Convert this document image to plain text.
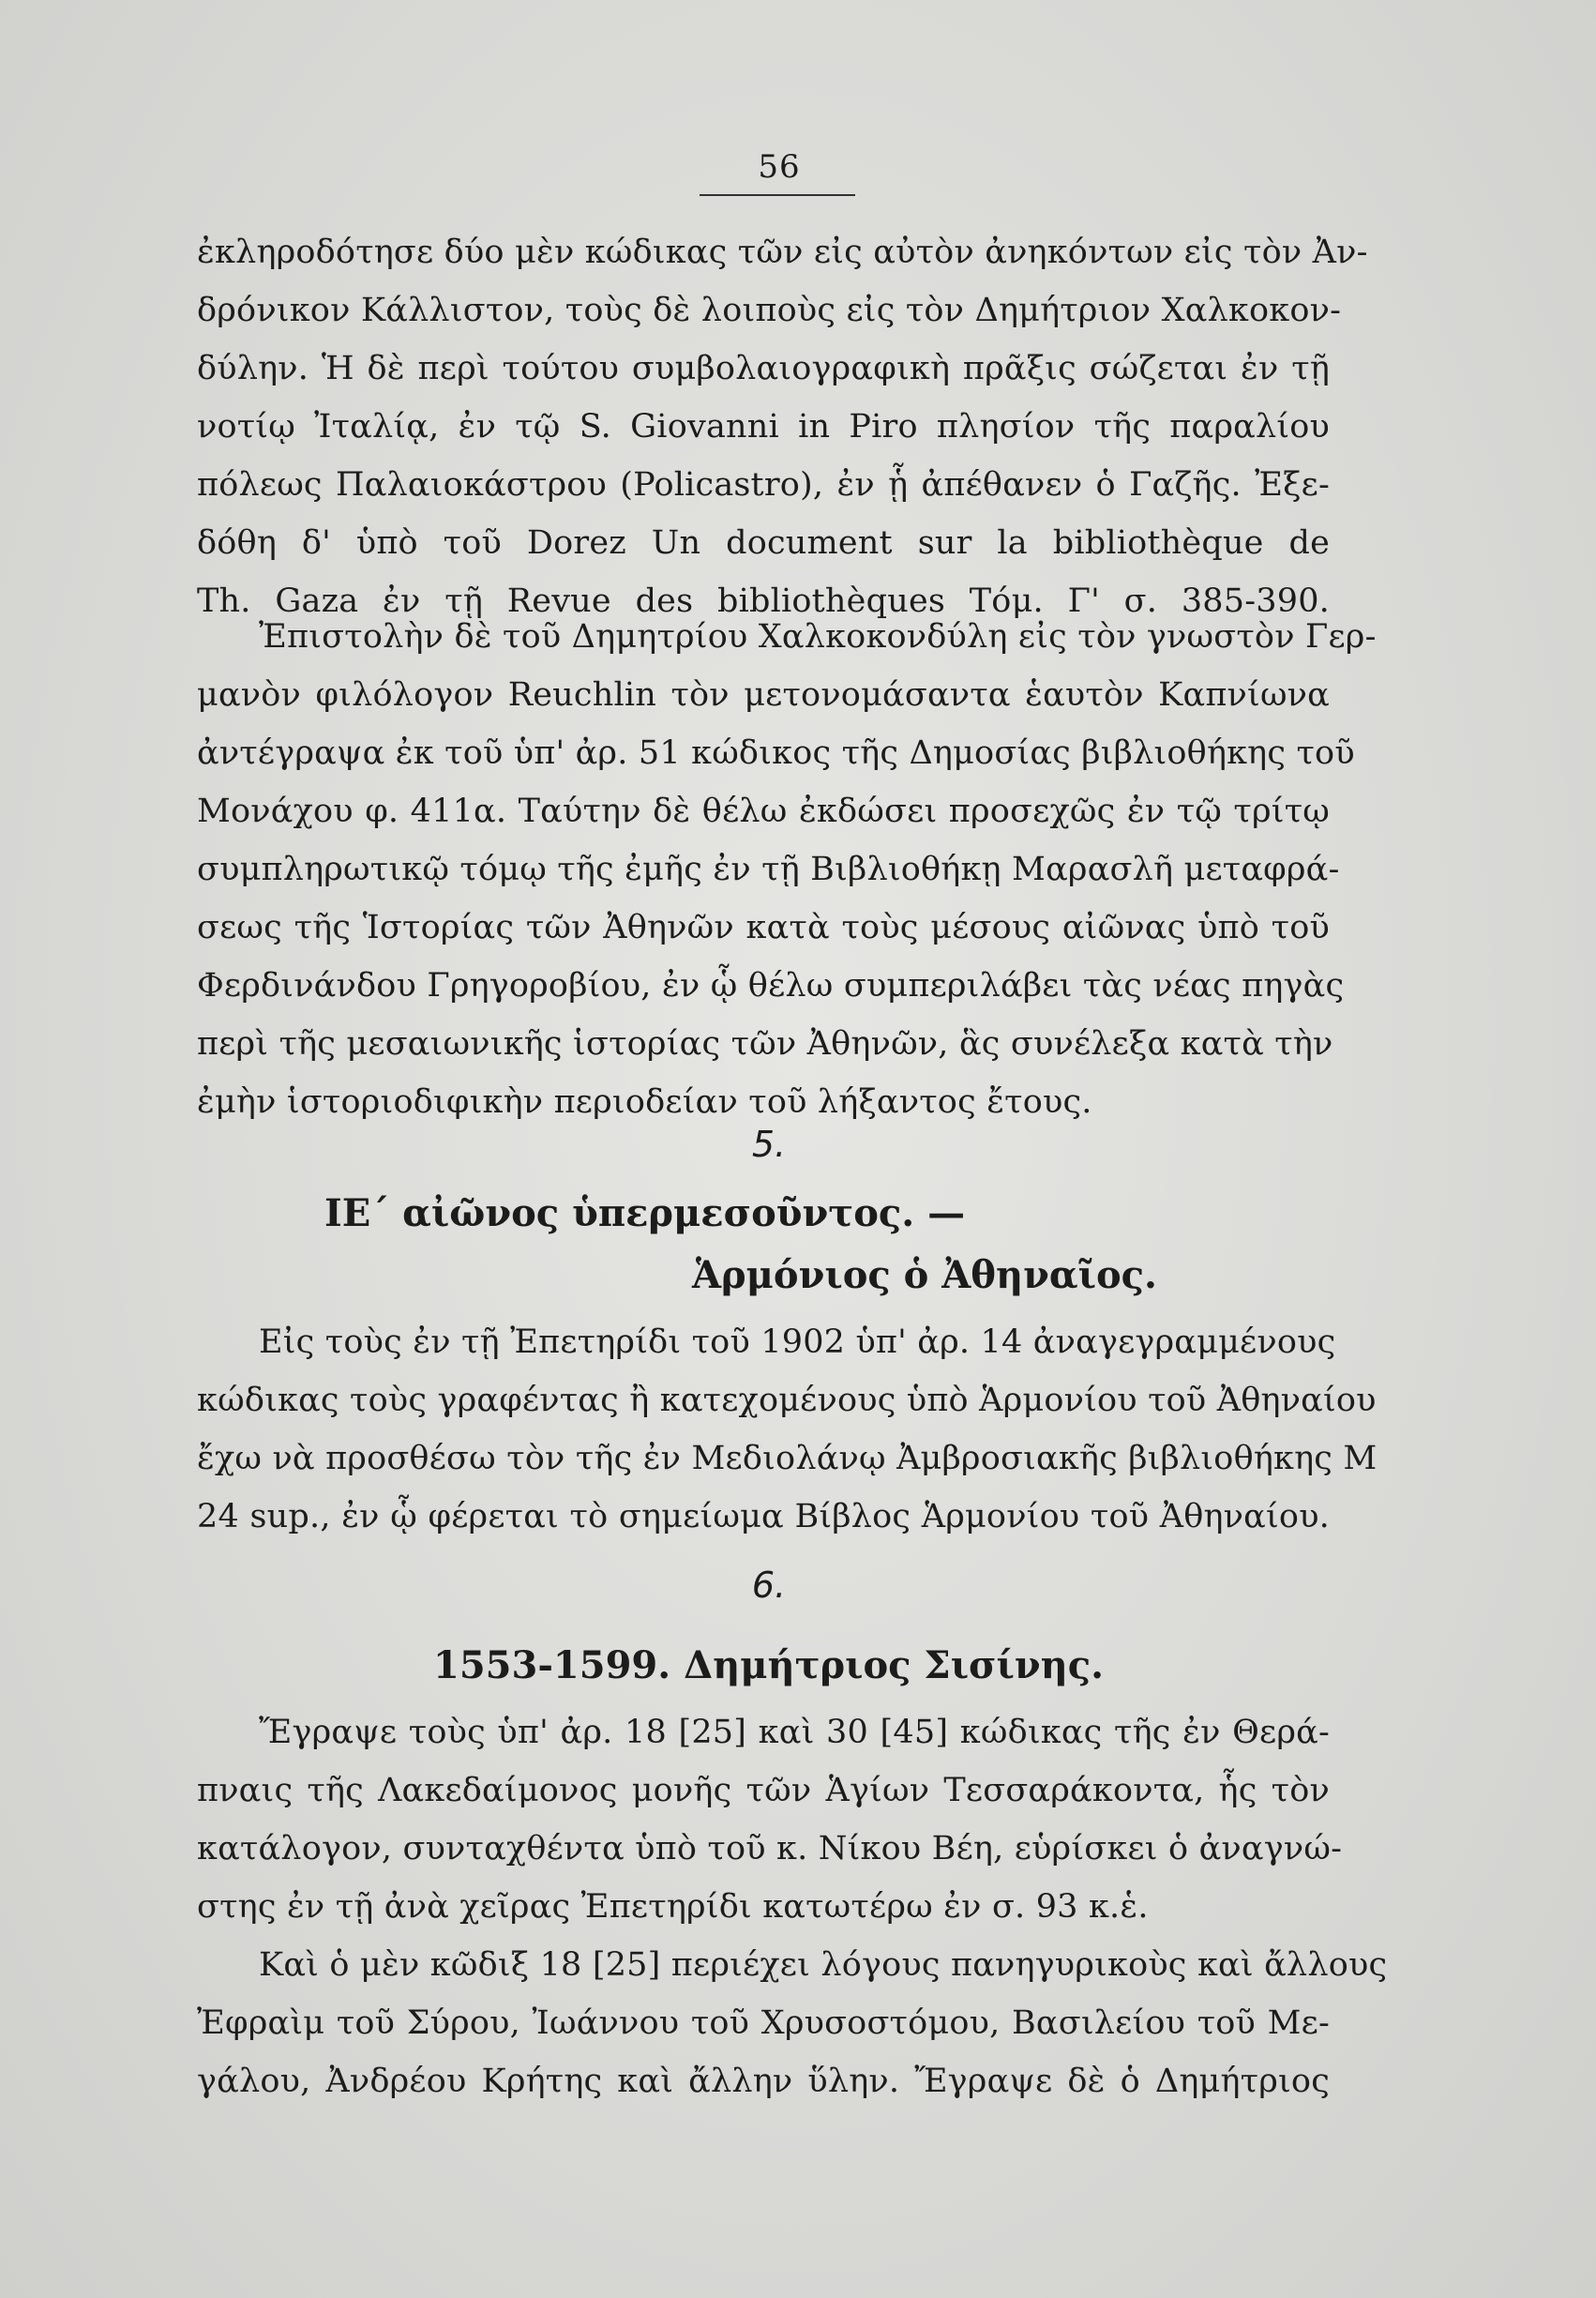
56
ἐκληροδότησε δύο μὲν κώδικας τῶν εἰς αὐτὸν ἀνηκόντων εἰς τὸν Ἀν-
δρόνικον Κάλλιστον, τοὺς δὲ λοιποὺς εἰς τὸν Δημήτριον Χαλκοκον-
δύλην. Ἡ δὲ περὶ τούτου συμβολαιογραφικὴ πρᾶξις σώζεται ἐν τῇ
νοτίῳ Ἰταλίᾳ, ἐν τῷ S. Giovanni in Piro πλησίον τῆς παραλίου
πόλεως Παλαιοκάστρου (Policastro), ἐν ᾗ ἀπέθανεν ὁ Γαζῆς. Ἐξε-
δόθη δ' ὑπὸ τοῦ Dorez Un document sur la bibliothèque de
Th. Gaza ἐν τῇ Revue des bibliothèques Τόμ. Γ' σ. 385-390.
Ἐπιστολὴν δὲ τοῦ Δημητρίου Χαλκοκονδύλη εἰς τὸν γνωστὸν Γερ-
μανὸν φιλόλογον Reuchlin τὸν μετονομάσαντα ἑαυτὸν Καπνίωνα
ἀντέγραψα ἐκ τοῦ ὑπ' ἀρ. 51 κώδικος τῆς Δημοσίας βιβλιοθήκης τοῦ
Μονάχου φ. 411α. Ταύτην δὲ θέλω ἐκδώσει προσεχῶς ἐν τῷ τρίτῳ
συμπληρωτικῷ τόμῳ τῆς ἐμῆς ἐν τῇ Βιβλιοθήκῃ Μαρασλῆ μεταφρά-
σεως τῆς Ἱστορίας τῶν Ἀθηνῶν κατὰ τοὺς μέσους αἰῶνας ὑπὸ τοῦ
Φερδινάνδου Γρηγοροβίου, ἐν ᾧ θέλω συμπεριλάβει τὰς νέας πηγὰς
περὶ τῆς μεσαιωνικῆς ἱστορίας τῶν Ἀθηνῶν, ἃς συνέλεξα κατὰ τὴν
ἐμὴν ἱστοριοδιφικὴν περιοδείαν τοῦ λήξαντος ἔτους.
5.
ΙΕ΄ αἰῶνος ὑπερμεσοῦντος. —
Ἁρμόνιος ὁ Ἀθηναῖος.
Εἰς τοὺς ἐν τῇ Ἐπετηρίδι τοῦ 1902 ὑπ' ἀρ. 14 ἀναγεγραμμένους
κώδικας τοὺς γραφέντας ἢ κατεχομένους ὑπὸ Ἁρμονίου τοῦ Ἀθηναίου
ἔχω νὰ προσθέσω τὸν τῆς ἐν Μεδιολάνῳ Ἀμβροσιακῆς βιβλιοθήκης Μ
24 sup., ἐν ᾧ φέρεται τὸ σημείωμα Βίβλος Ἁρμονίου τοῦ Ἀθηναίου.
6.
1553-1599. Δημήτριος Σισίνης.
Ἔγραψε τοὺς ὑπ' ἀρ. 18 [25] καὶ 30 [45] κώδικας τῆς ἐν Θερά-
πναις τῆς Λακεδαίμονος μονῆς τῶν Ἁγίων Τεσσαράκοντα, ἧς τὸν
κατάλογον, συνταχθέντα ὑπὸ τοῦ κ. Νίκου Βέη, εὑρίσκει ὁ ἀναγνώ-
στης ἐν τῇ ἀνὰ χεῖρας Ἐπετηρίδι κατωτέρω ἐν σ. 93 κ.ἑ.
Καὶ ὁ μὲν κῶδιξ 18 [25] περιέχει λόγους πανηγυρικοὺς καὶ ἄλλους
Ἐφραὶμ τοῦ Σύρου, Ἰωάννου τοῦ Χρυσοστόμου, Βασιλείου τοῦ Με-
γάλου, Ἀνδρέου Κρήτης καὶ ἄλλην ὕλην. Ἔγραψε δὲ ὁ Δημήτριος
